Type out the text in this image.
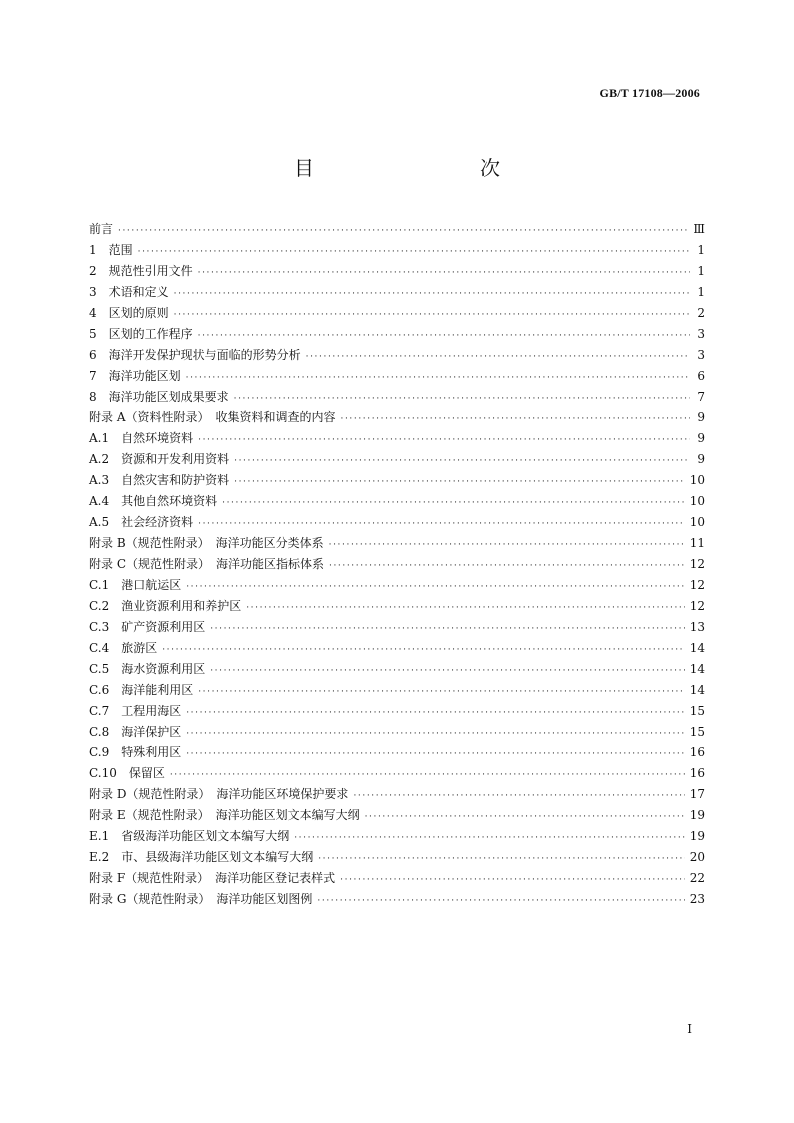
GB/T 17108—2006
目　　次
前言 ·····	Ⅲ
1　范围 ·····	1
2　规范性引用文件 ·····	1
3　术语和定义 ·····	1
4　区划的原则 ·····	2
5　区划的工作程序 ·····	3
6　海洋开发保护现状与面临的形势分析 ·····	3
7　海洋功能区划 ·····	6
8　海洋功能区划成果要求 ·····	7
附录 A（资料性附录）　收集资料和调查的内容 ·····	9
A.1　自然环境资料 ·····	9
A.2　资源和开发利用资料 ·····	9
A.3　自然灾害和防护资料 ·····	10
A.4　其他自然环境资料 ·····	10
A.5　社会经济资料 ·····	10
附录 B（规范性附录）　海洋功能区分类体系 ·····	11
附录 C（规范性附录）　海洋功能区指标体系 ·····	12
C.1　港口航运区 ·····	12
C.2　渔业资源利用和养护区 ·····	12
C.3　矿产资源利用区 ·····	13
C.4　旅游区 ·····	14
C.5　海水资源利用区 ·····	14
C.6　海洋能利用区 ·····	14
C.7　工程用海区 ·····	15
C.8　海洋保护区 ·····	15
C.9　特殊利用区 ·····	16
C.10　保留区 ·····	16
附录 D（规范性附录）　海洋功能区环境保护要求 ·····	17
附录 E（规范性附录）　海洋功能区划文本编写大纲 ·····	19
E.1　省级海洋功能区划文本编写大纲 ·····	19
E.2　市、县级海洋功能区划文本编写大纲 ·····	20
附录 F（规范性附录）　海洋功能区登记表样式 ·····	22
附录 G（规范性附录）　海洋功能区划图例 ·····	23
I
